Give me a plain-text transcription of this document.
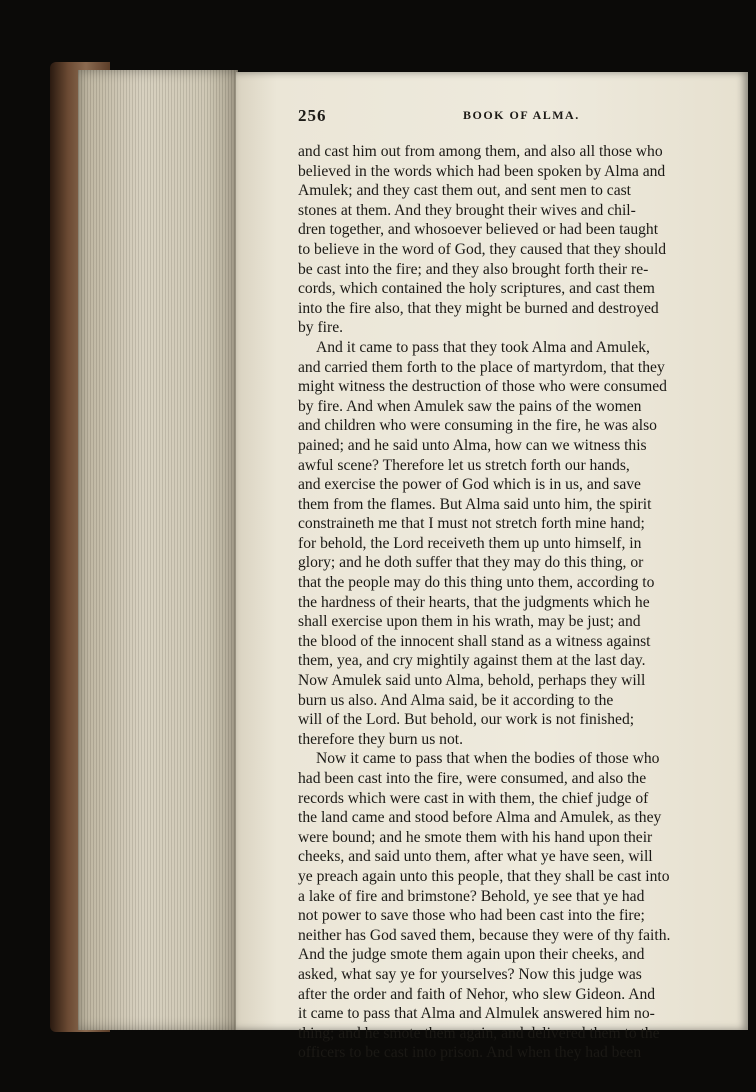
256	BOOK OF ALMA.
and cast him out from among them, and also all those who
believed in the words which had been spoken by Alma and
Amulek; and they cast them out, and sent men to cast
stones at them. And they brought their wives and chil-
dren together, and whosoever believed or had been taught
to believe in the word of God, they caused that they should
be cast into the fire; and they also brought forth their re-
cords, which contained the holy scriptures, and cast them
into the fire also, that they might be burned and destroyed
by fire.
And it came to pass that they took Alma and Amulek,
and carried them forth to the place of martyrdom, that they
might witness the destruction of those who were consumed
by fire. And when Amulek saw the pains of the women
and children who were consuming in the fire, he was also
pained; and he said unto Alma, how can we witness this
awful scene? Therefore let us stretch forth our hands,
and exercise the power of God which is in us, and save
them from the flames. But Alma said unto him, the spirit
constraineth me that I must not stretch forth mine hand;
for behold, the Lord receiveth them up unto himself, in
glory; and he doth suffer that they may do this thing, or
that the people may do this thing unto them, according to
the hardness of their hearts, that the judgments which he
shall exercise upon them in his wrath, may be just; and
the blood of the innocent shall stand as a witness against
them, yea, and cry mightily against them at the last day.
Now Amulek said unto Alma, behold, perhaps they will
burn us also. And Alma said, be it according to the
will of the Lord. But behold, our work is not finished;
therefore they burn us not.
Now it came to pass that when the bodies of those who
had been cast into the fire, were consumed, and also the
records which were cast in with them, the chief judge of
the land came and stood before Alma and Amulek, as they
were bound; and he smote them with his hand upon their
cheeks, and said unto them, after what ye have seen, will
ye preach again unto this people, that they shall be cast into
a lake of fire and brimstone? Behold, ye see that ye had
not power to save those who had been cast into the fire;
neither has God saved them, because they were of thy faith.
And the judge smote them again upon their cheeks, and
asked, what say ye for yourselves? Now this judge was
after the order and faith of Nehor, who slew Gideon. And
it came to pass that Alma and Almulek answered him no-
thing; and he smote them again, and delivered them to the
officers to be cast into prison. And when they had been
